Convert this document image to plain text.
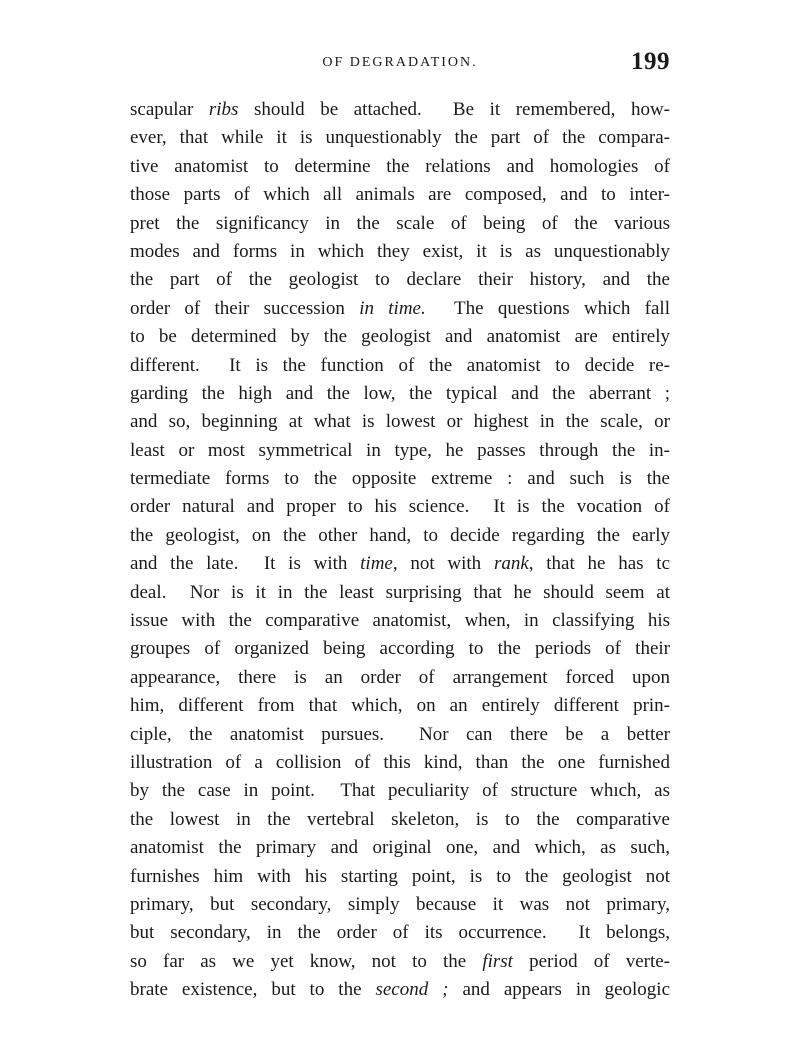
OF DEGRADATION.	199
scapular ribs should be attached.  Be it remembered, how-
ever, that while it is unquestionably the part of the compara-
tive anatomist to determine the relations and homologies of
those parts of which all animals are composed, and to inter-
pret the significancy in the scale of being of the various
modes and forms in which they exist, it is as unquestionably
the part of the geologist to declare their history, and the
order of their succession in time.  The questions which fall
to be determined by the geologist and anatomist are entirely
different.  It is the function of the anatomist to decide re-
garding the high and the low, the typical and the aberrant ;
and so, beginning at what is lowest or highest in the scale, or
least or most symmetrical in type, he passes through the in-
termediate forms to the opposite extreme : and such is the
order natural and proper to his science.  It is the vocation of
the geologist, on the other hand, to decide regarding the early
and the late.  It is with time, not with rank, that he has tc
deal.  Nor is it in the least surprising that he should seem at
issue with the comparative anatomist, when, in classifying his
groupes of organized being according to the periods of their
appearance, there is an order of arrangement forced upon
him, different from that which, on an entirely different prin-
ciple, the anatomist pursues.  Nor can there be a better
illustration of a collision of this kind, than the one furnished
by the case in point.  That peculiarity of structure whıch, as
the lowest in the vertebral skeleton, is to the comparative
anatomist the primary and original one, and which, as such,
furnishes him with his starting point, is to the geologist not
primary, but secondary, simply because it was not primary,
but secondary, in the order of its occurrence.  It belongs,
so far as we yet know, not to the first period of verte-
brate existence, but to the second ; and appears in geologic
